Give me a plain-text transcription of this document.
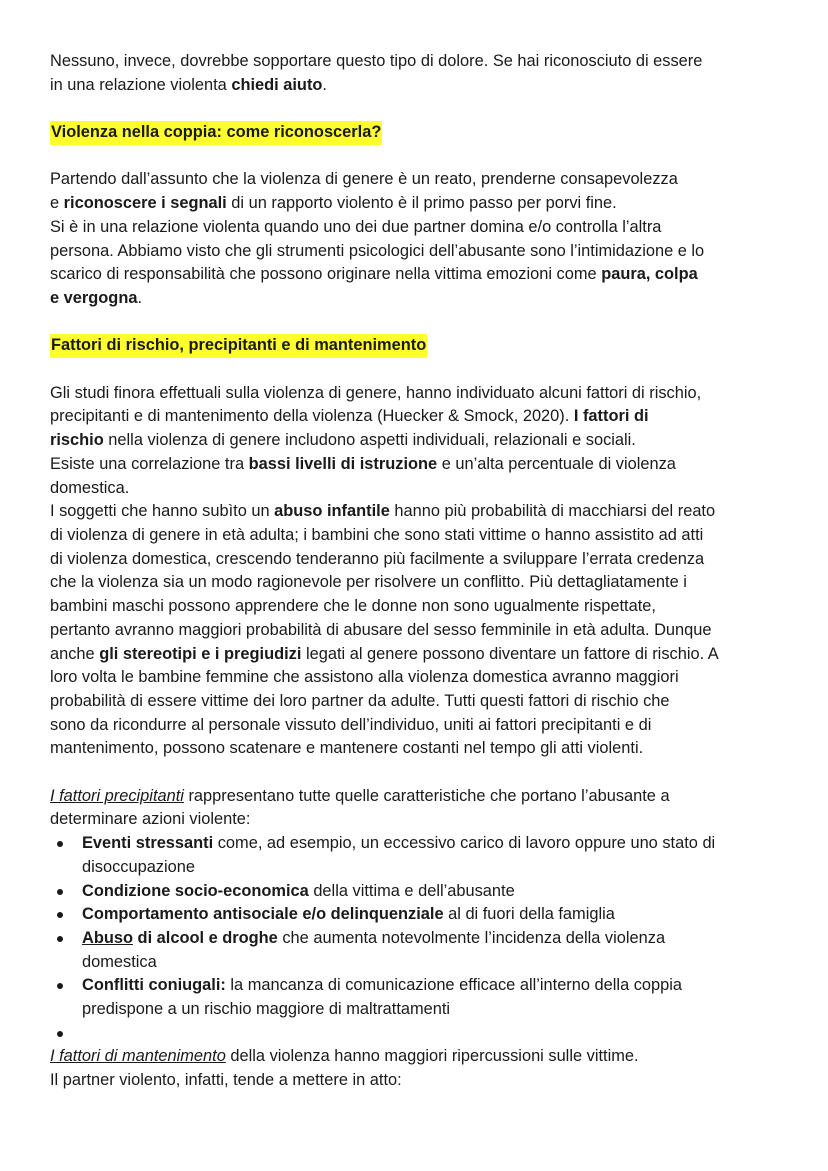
Nessuno, invece, dovrebbe sopportare questo tipo di dolore. Se hai riconosciuto di essere
in una relazione violenta chiedi aiuto.

Violenza nella coppia: come riconoscerla?

Partendo dall’assunto che la violenza di genere è un reato, prenderne consapevolezza
e riconoscere i segnali di un rapporto violento è il primo passo per porvi fine.
Si è in una relazione violenta quando uno dei due partner domina e/o controlla l’altra
persona. Abbiamo visto che gli strumenti psicologici dell’abusante sono l’intimidazione e lo
scarico di responsabilità che possono originare nella vittima emozioni come paura, colpa
e vergogna.

Fattori di rischio, precipitanti e di mantenimento

Gli studi finora effettuali sulla violenza di genere, hanno individuato alcuni fattori di rischio,
precipitanti e di mantenimento della violenza (Huecker & Smock, 2020). I fattori di
rischio nella violenza di genere includono aspetti individuali, relazionali e sociali.
Esiste una correlazione tra bassi livelli di istruzione e un’alta percentuale di violenza
domestica.
I soggetti che hanno subìto un abuso infantile hanno più probabilità di macchiarsi del reato
di violenza di genere in età adulta; i bambini che sono stati vittime o hanno assistito ad atti
di violenza domestica, crescendo tenderanno più facilmente a sviluppare l’errata credenza
che la violenza sia un modo ragionevole per risolvere un conflitto. Più dettagliatamente i
bambini maschi possono apprendere che le donne non sono ugualmente rispettate,
pertanto avranno maggiori probabilità di abusare del sesso femminile in età adulta. Dunque
anche gli stereotipi e i pregiudizi legati al genere possono diventare un fattore di rischio. A
loro volta le bambine femmine che assistono alla violenza domestica avranno maggiori
probabilità di essere vittime dei loro partner da adulte. Tutti questi fattori di rischio che
sono da ricondurre al personale vissuto dell’individuo, uniti ai fattori precipitanti e di
mantenimento, possono scatenare e mantenere costanti nel tempo gli atti violenti.

I fattori precipitanti rappresentano tutte quelle caratteristiche che portano l’abusante a
determinare azioni violente:

Eventi stressanti come, ad esempio, un eccessivo carico di lavoro oppure uno stato di
disoccupazione
Condizione socio-economica della vittima e dell’abusante
Comportamento antisociale e/o delinquenziale al di fuori della famiglia
Abuso di alcool e droghe che aumenta notevolmente l’incidenza della violenza
domestica
Conflitti coniugali: la mancanza di comunicazione efficace all’interno della coppia
predispone a un rischio maggiore di maltrattamenti

I fattori di mantenimento della violenza hanno maggiori ripercussioni sulle vittime.
Il partner violento, infatti, tende a mettere in atto:
